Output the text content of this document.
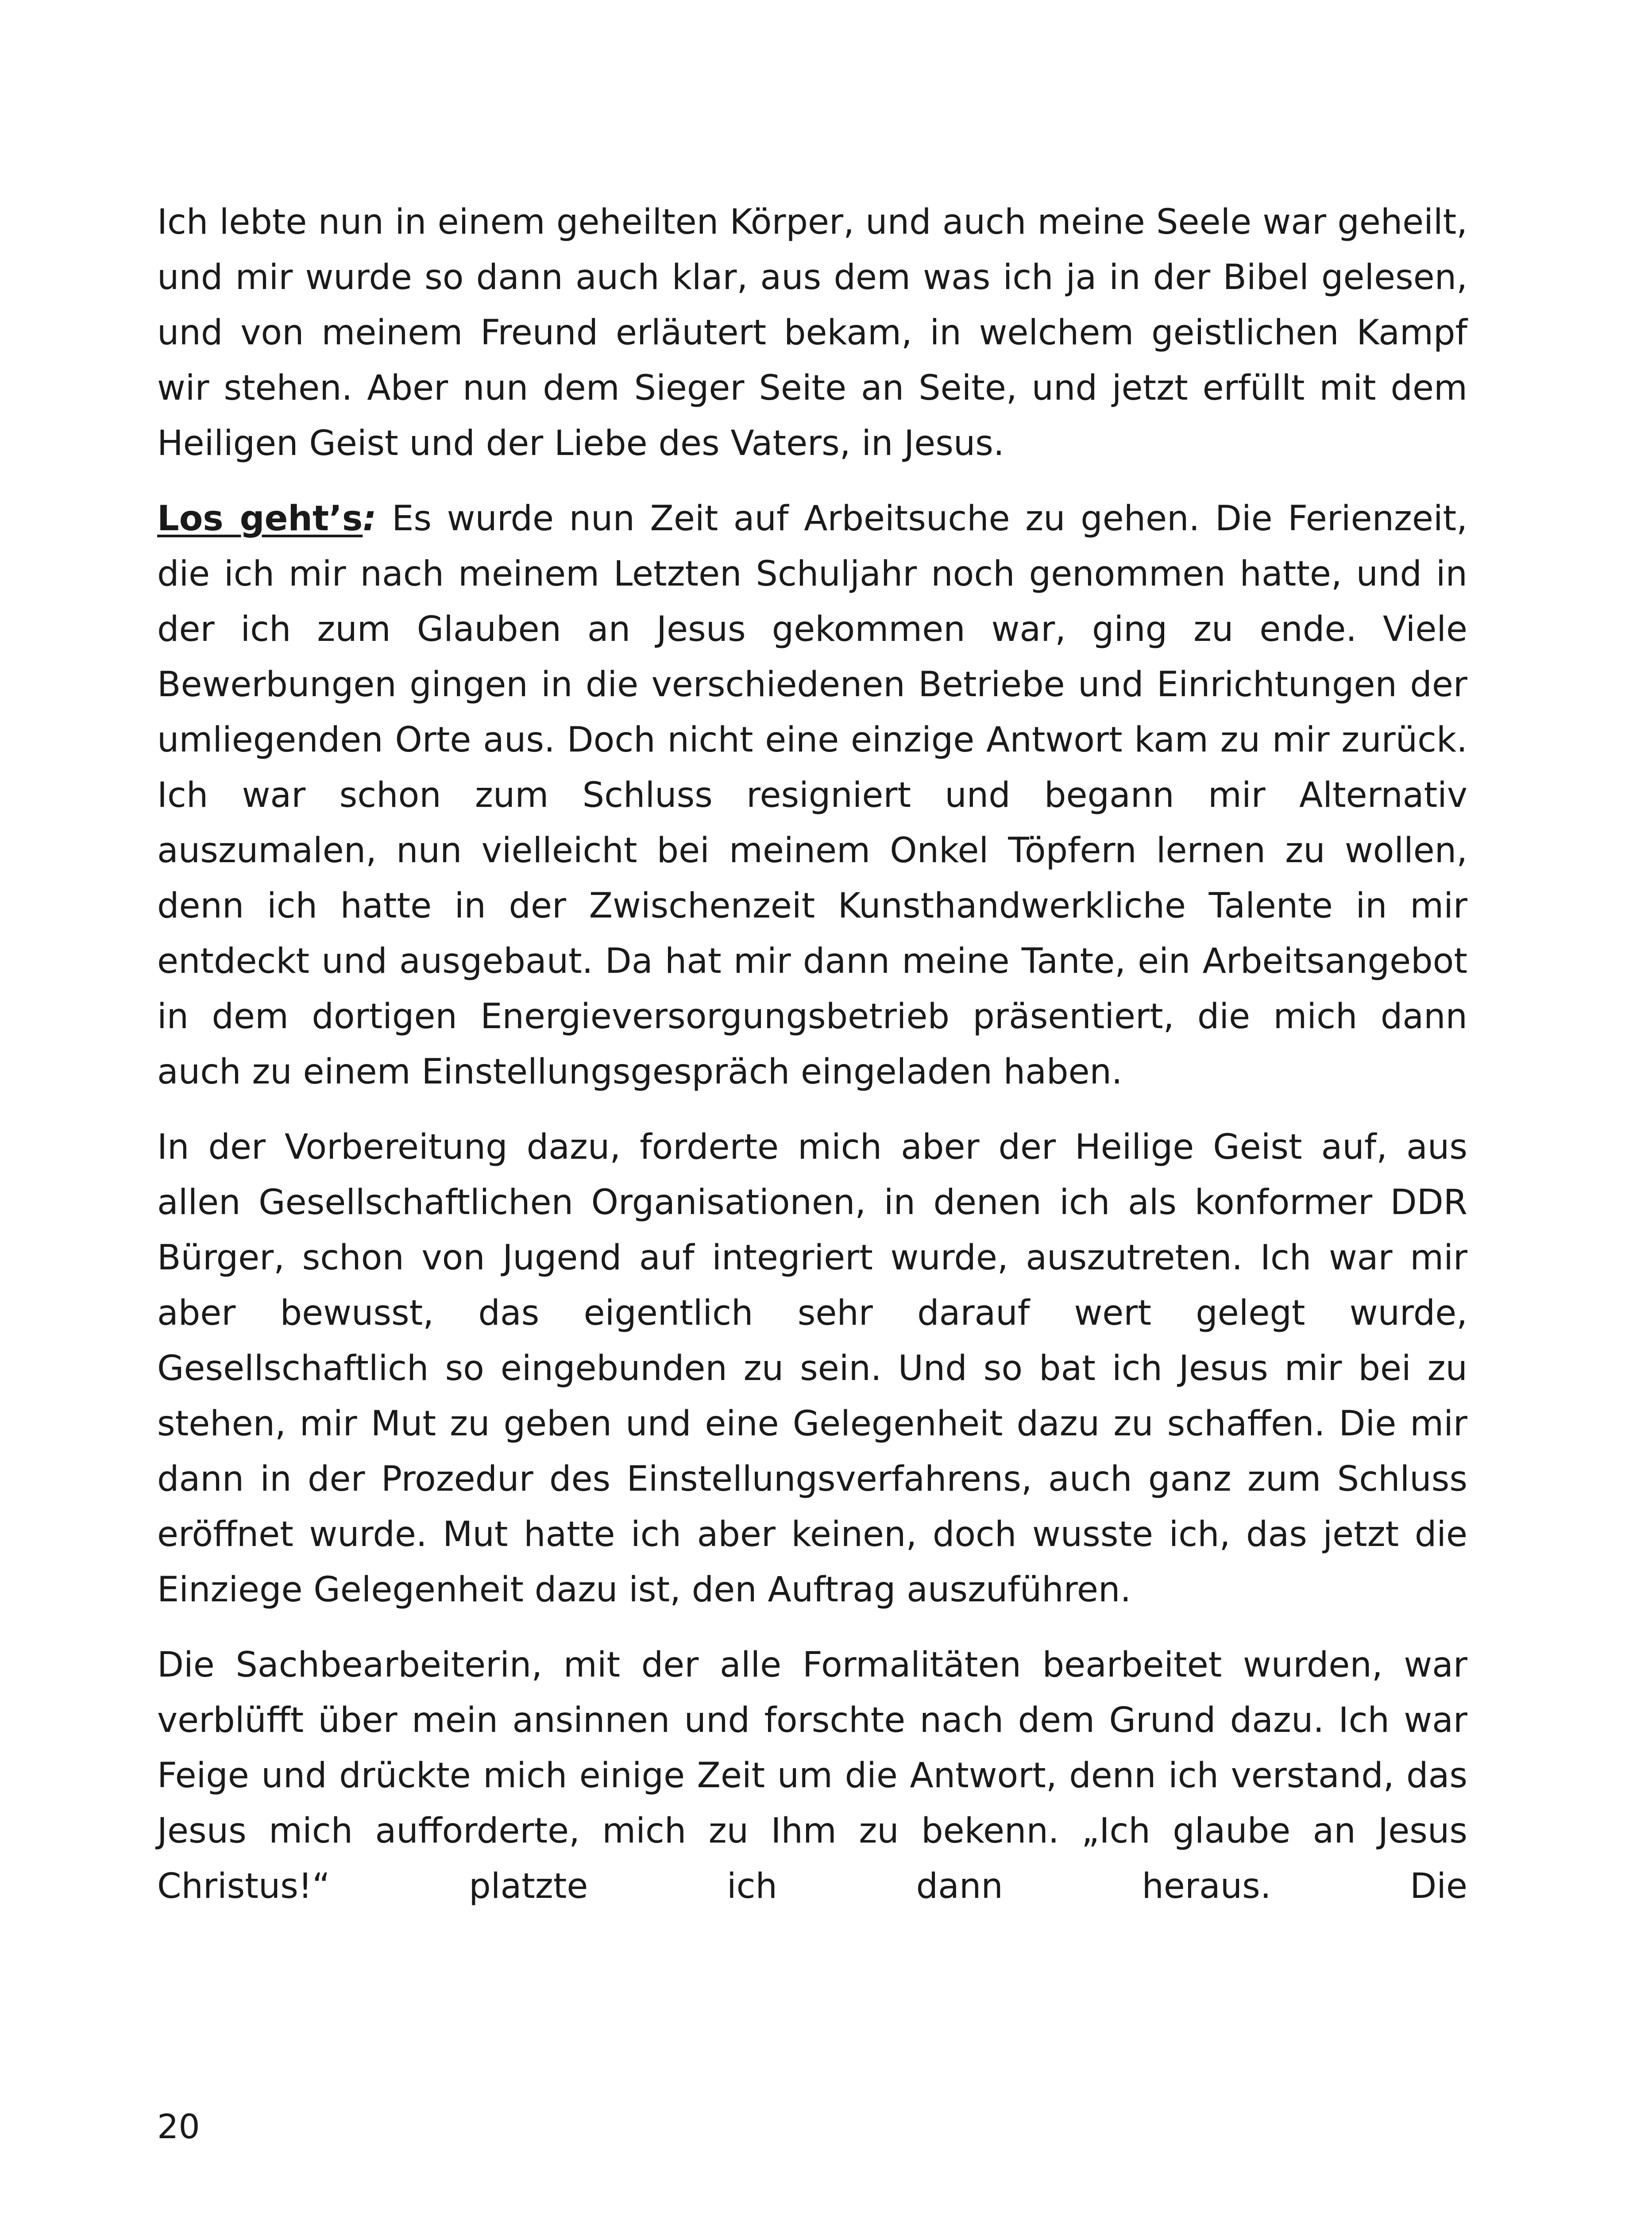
Ich lebte nun in einem geheilten Körper, und auch meine Seele war geheilt, und mir wurde so dann auch klar, aus dem was ich ja in der Bibel gelesen, und von meinem Freund erläutert bekam, in welchem geistlichen Kampf wir stehen. Aber nun dem Sieger Seite an Seite, und jetzt erfüllt mit dem Heiligen Geist und der Liebe des Vaters, in Jesus.

Los geht’s: Es wurde nun Zeit auf Arbeitsuche zu gehen. Die Ferienzeit, die ich mir nach meinem Letzten Schuljahr noch genommen hatte, und in der ich zum Glauben an Jesus gekommen war, ging zu ende. Viele Bewerbungen gingen in die verschiedenen Betriebe und Einrichtungen der umliegenden Orte aus. Doch nicht eine einzige Antwort kam zu mir zurück. Ich war schon zum Schluss resigniert und begann mir Alternativ auszumalen, nun vielleicht bei meinem Onkel Töpfern lernen zu wollen, denn ich hatte in der Zwischenzeit Kunsthandwerkliche Talente in mir entdeckt und ausgebaut. Da hat mir dann meine Tante, ein Arbeitsangebot in dem dortigen Energieversorgungsbetrieb präsentiert, die mich dann auch zu einem Einstellungsgespräch eingeladen haben.

In der Vorbereitung dazu, forderte mich aber der Heilige Geist auf, aus allen Gesellschaftlichen Organisationen, in denen ich als konformer DDR Bürger, schon von Jugend auf integriert wurde, auszutreten. Ich war mir aber bewusst, das eigentlich sehr darauf wert gelegt wurde, Gesellschaftlich so eingebunden zu sein. Und so bat ich Jesus mir bei zu stehen, mir Mut zu geben und eine Gelegenheit dazu zu schaffen. Die mir dann in der Prozedur des Einstellungsverfahrens, auch ganz zum Schluss eröffnet wurde. Mut hatte ich aber keinen, doch wusste ich, das jetzt die Einziege Gelegenheit dazu ist, den Auftrag auszuführen.

Die Sachbearbeiterin, mit der alle Formalitäten bearbeitet wurden, war verblüfft über mein ansinnen und forschte nach dem Grund dazu. Ich war Feige und drückte mich einige Zeit um die Antwort, denn ich verstand, das Jesus mich aufforderte, mich zu Ihm zu bekenn. „Ich glaube an Jesus Christus!“ platzte ich dann heraus. Die

20
